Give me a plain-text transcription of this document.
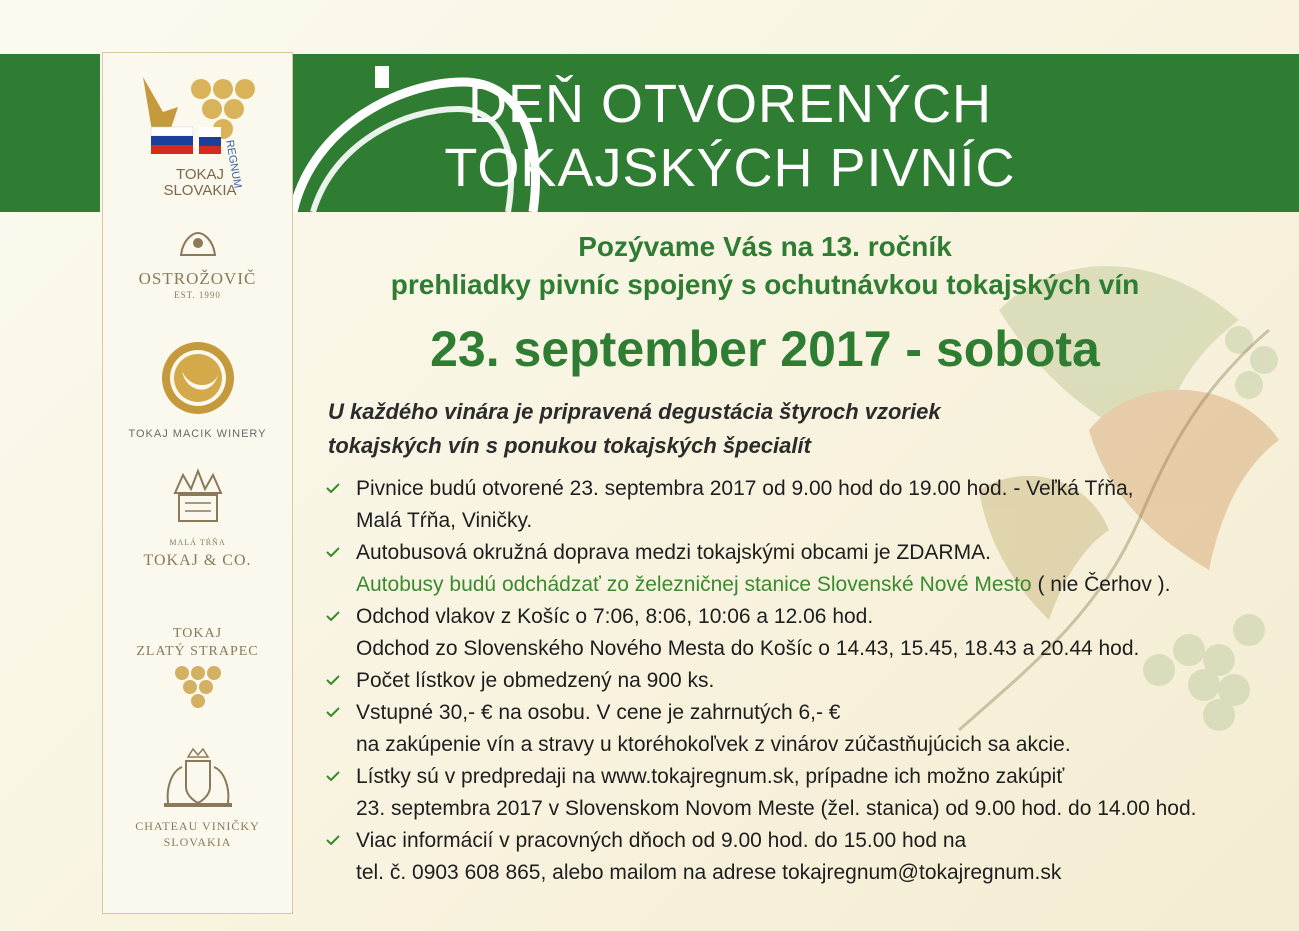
DEŇ OTVORENÝCH
TOKAJSKÝCH PIVNÍC
TOKAJ
SLOVAKIA
REGNUM
OSTROŽOVIČ
EST. 1990
TOKAJ MACIK WINERY
MALÁ TŔŇA
TOKAJ & CO.
TOKAJ
ZLATÝ STRAPEC
CHATEAU VINIČKY
SLOVAKIA
Pozývame Vás na 13. ročník
prehliadky pivníc spojený s ochutnávkou tokajských vín
23. september 2017 - sobota
U každého vinára je pripravená degustácia štyroch vzoriek
tokajských vín s ponukou tokajských špecialít
Pivnice budú otvorené 23. septembra 2017 od 9.00 hod do 19.00 hod. - Veľká Tŕňa,
Malá Tŕňa, Viničky.
Autobusová okružná doprava medzi tokajskými obcami je ZDARMA.
Autobusy budú odchádzať zo železničnej stanice Slovenské Nové Mesto ( nie Čerhov ).
Odchod vlakov z Košíc o 7:06, 8:06, 10:06 a 12.06 hod.
Odchod zo Slovenského Nového Mesta do Košíc o 14.43, 15.45, 18.43 a 20.44 hod.
Počet lístkov je obmedzený na 900 ks.
Vstupné 30,- € na osobu. V cene je zahrnutých 6,- €
na zakúpenie vín a stravy u ktoréhokoľvek z vinárov zúčastňujúcich sa akcie.
Lístky sú v predpredaji na www.tokajregnum.sk, prípadne ich možno zakúpiť
23. septembra 2017 v Slovenskom Novom Meste (žel. stanica) od 9.00 hod. do 14.00 hod.
Viac informácií v pracovných dňoch od 9.00 hod. do 15.00 hod na
tel. č. 0903 608 865, alebo mailom na adrese tokajregnum@tokajregnum.sk
